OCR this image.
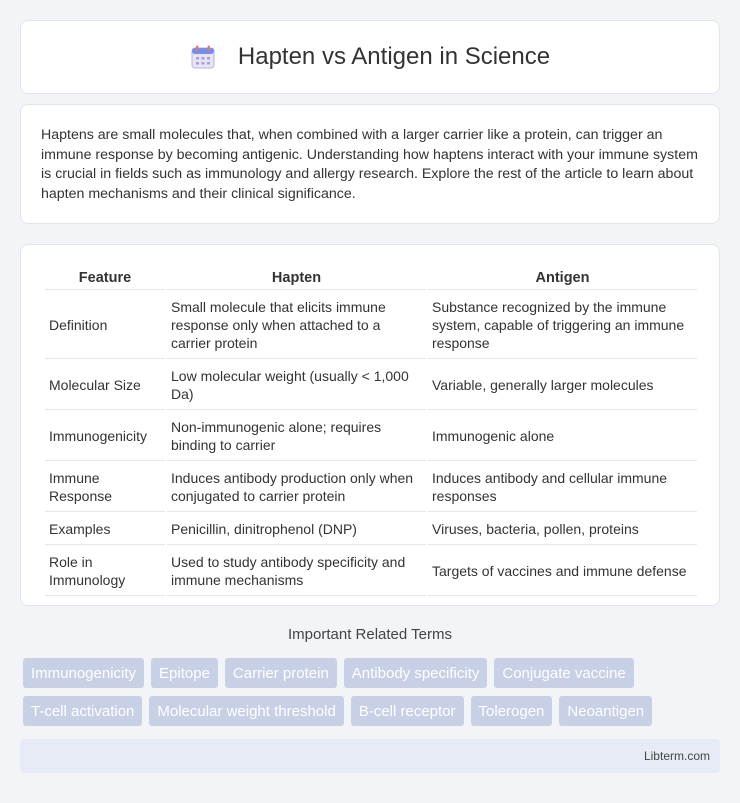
Hapten vs Antigen in Science

Haptens are small molecules that, when combined with a larger carrier like a protein, can trigger an immune response by becoming antigenic. Understanding how haptens interact with your immune system is crucial in fields such as immunology and allergy research. Explore the rest of the article to learn about hapten mechanisms and their clinical significance.

Feature	Hapten	Antigen
Definition	Small molecule that elicits immune response only when attached to a carrier protein	Substance recognized by the immune system, capable of triggering an immune response
Molecular Size	Low molecular weight (usually < 1,000 Da)	Variable, generally larger molecules
Immunogenicity	Non-immunogenic alone; requires binding to carrier	Immunogenic alone
Immune Response	Induces antibody production only when conjugated to carrier protein	Induces antibody and cellular immune responses
Examples	Penicillin, dinitrophenol (DNP)	Viruses, bacteria, pollen, proteins
Role in Immunology	Used to study antibody specificity and immune mechanisms	Targets of vaccines and immune defense
Important Related Terms
Immunogenicity	Epitope	Carrier protein	Antibody specificity	Conjugate vaccine
T-cell activation	Molecular weight threshold	B-cell receptor	Tolerogen	Neoantigen
Libterm.com
